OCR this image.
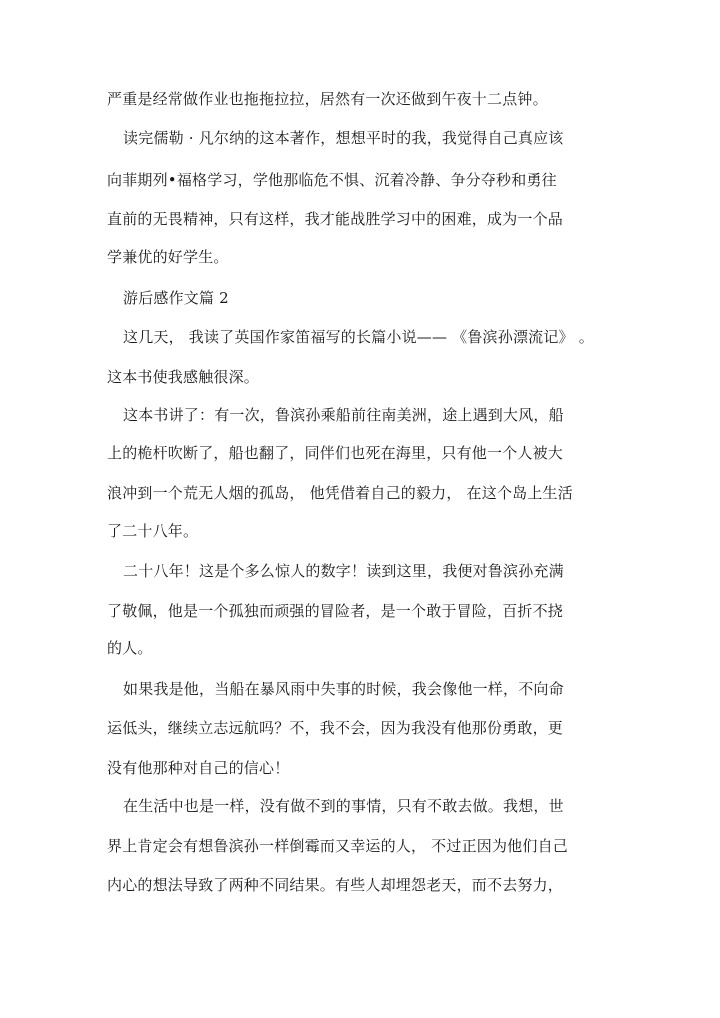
严重是经常做作业也拖拖拉拉，居然有一次还做到午夜十二点钟。
读完儒勒 · 凡尔纳的这本著作，想想平时的我，我觉得自己真应该
向菲期列•福格学习，学他那临危不惧、沉着冷静、争分夺秒和勇往
直前的无畏精神，只有这样，我才能战胜学习中的困难，成为一个品
学兼优的好学生。
游后感作文篇 2
这几天， 我读了英国作家笛福写的长篇小说—— 《鲁滨孙漂流记》 。
这本书使我感触很深。
这本书讲了：有一次，鲁滨孙乘船前往南美洲，途上遇到大风，船
上的桅杆吹断了，船也翻了，同伴们也死在海里，只有他一个人被大
浪冲到一个荒无人烟的孤岛， 他凭借着自己的毅力， 在这个岛上生活
了二十八年。
二十八年！这是个多么惊人的数字！读到这里，我便对鲁滨孙充满
了敬佩，他是一个孤独而顽强的冒险者，是一个敢于冒险，百折不挠
的人。
如果我是他，当船在暴风雨中失事的时候，我会像他一样，不向命
运低头，继续立志远航吗？不，我不会，因为我没有他那份勇敢，更
没有他那种对自己的信心！
在生活中也是一样，没有做不到的事情，只有不敢去做。我想，世
界上肯定会有想鲁滨孙一样倒霉而又幸运的人， 不过正因为他们自己
内心的想法导致了两种不同结果。有些人却埋怨老天，而不去努力，
